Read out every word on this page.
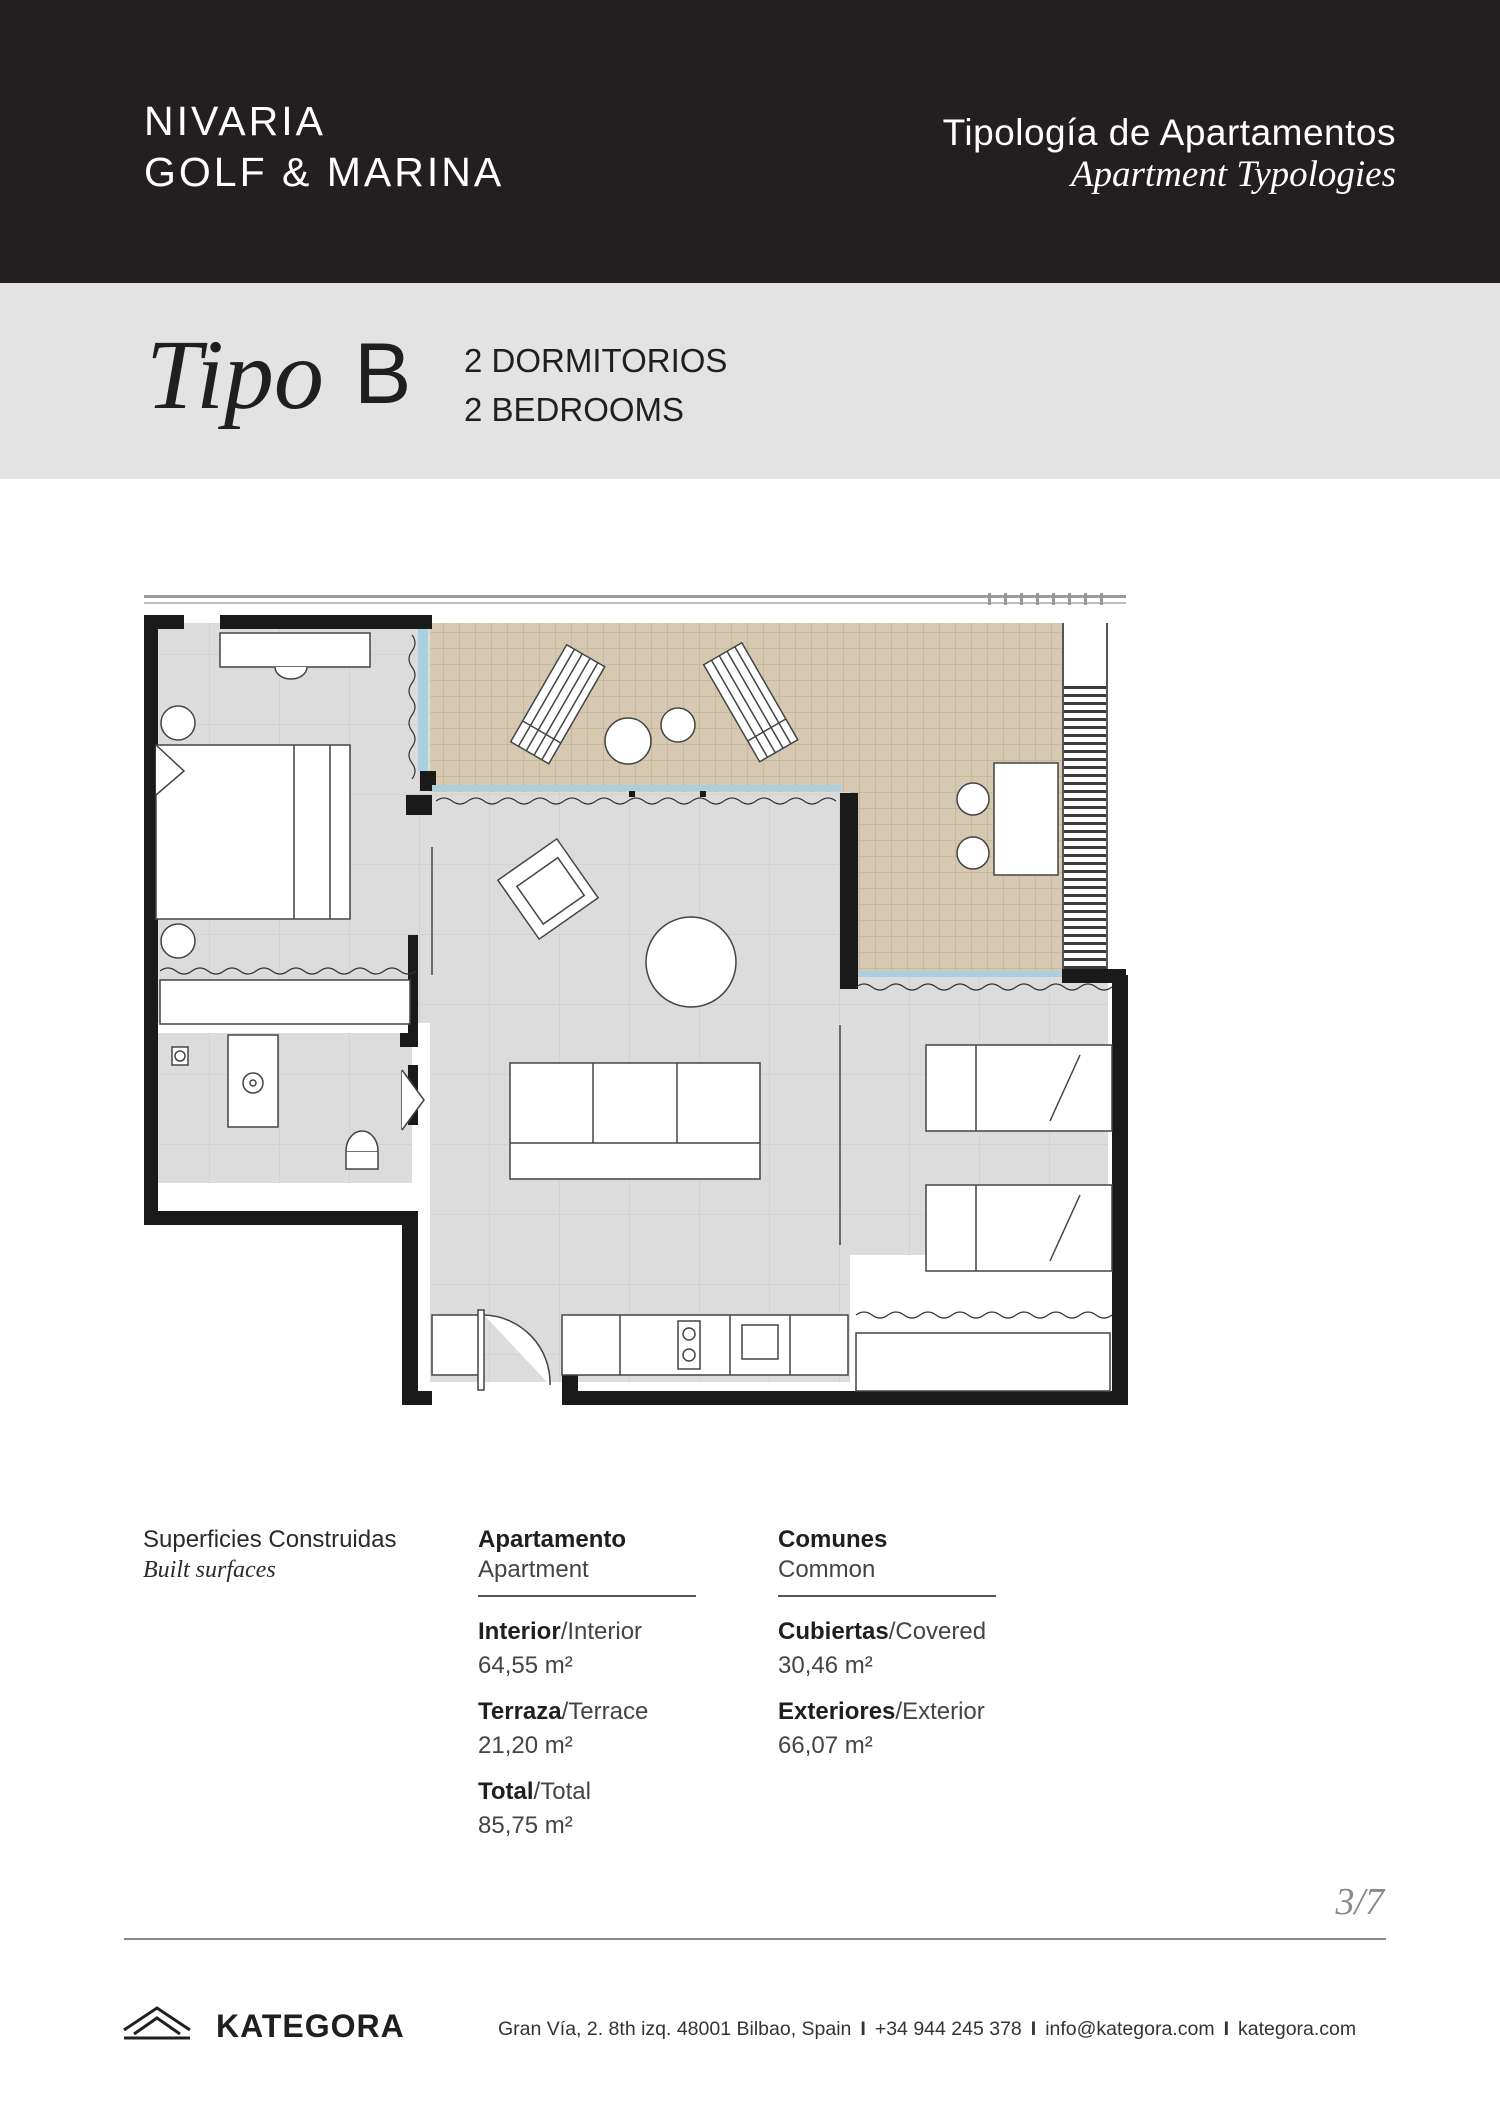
NIVARIA
GOLF & MARINA
Tipología de Apartamentos
Apartment Typologies
Tipo B 2 DORMITORIOS
2 BEDROOMS
Superficies Construidas
Built surfaces
Apartamento
Apartment
Interior/Interior
64,55 m²
Terraza/Terrace
21,20 m²
Total/Total
85,75 m²
Comunes
Common
Cubiertas/Covered
30,46 m²
Exteriores/Exterior
66,07 m²
3/7
KATEGORA	Gran Vía, 2. 8th izq. 48001 Bilbao, Spain I +34 944 245 378 I info@kategora.com I kategora.com
